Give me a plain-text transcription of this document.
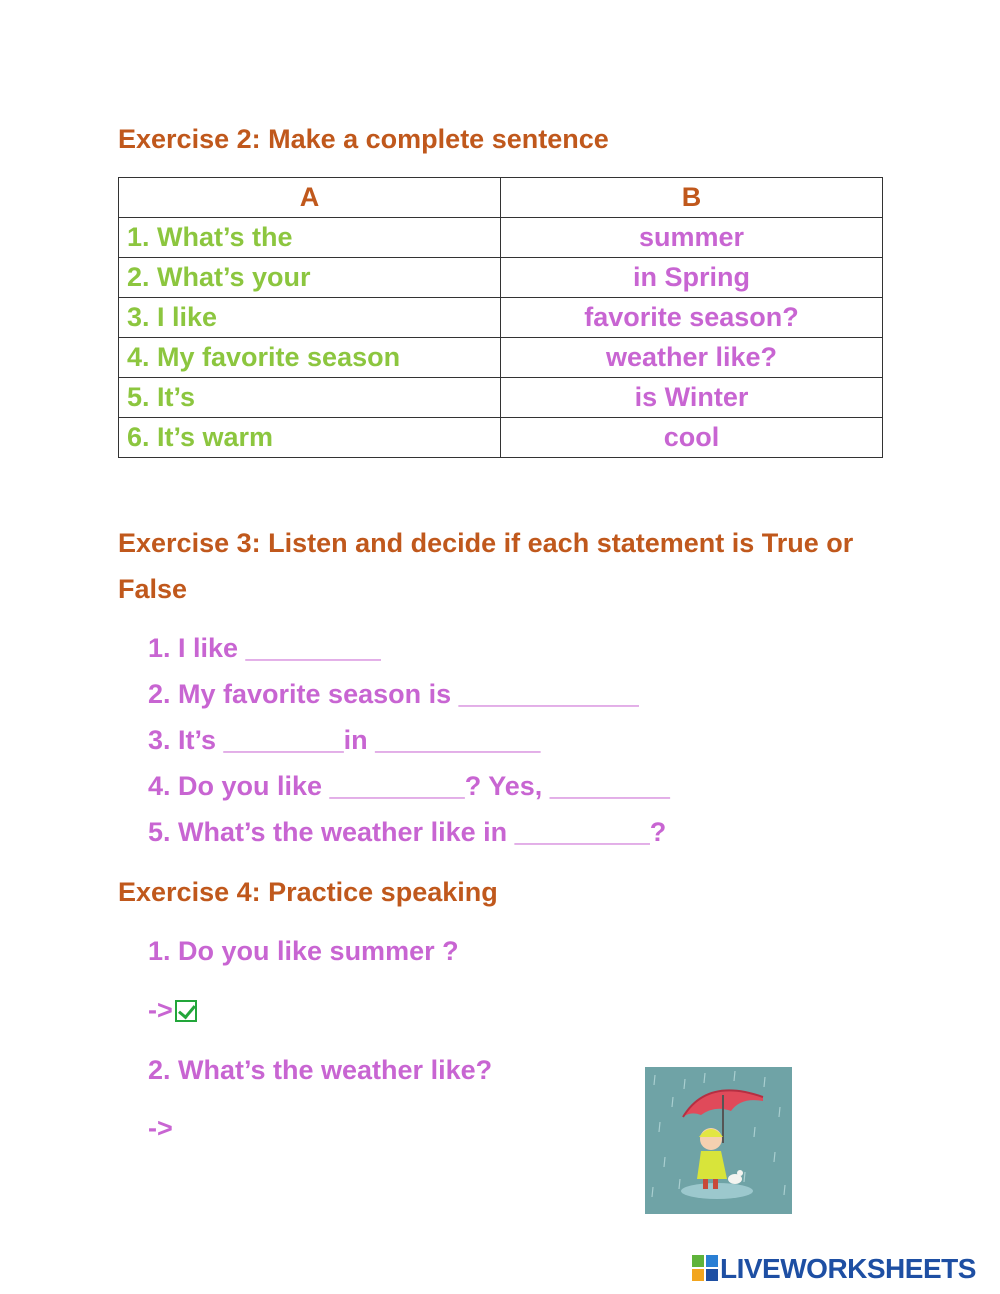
Exercise 2: Make a complete sentence
A	B
1. What’s the	summer
2. What’s your	in Spring
3. I like	favorite season?
4. My favorite season	weather like?
5. It’s	is Winter
6. It’s warm	cool
Exercise 3: Listen and decide if each statement is True or False
1. I like _________
2. My favorite season is ____________
3. It’s ________in ___________
4. Do you like _________? Yes, ________
5. What’s the weather like in _________?
Exercise 4: Practice speaking
1. Do you like summer ?
->
2. What’s the weather like?
->
LIVEWORKSHEETS
